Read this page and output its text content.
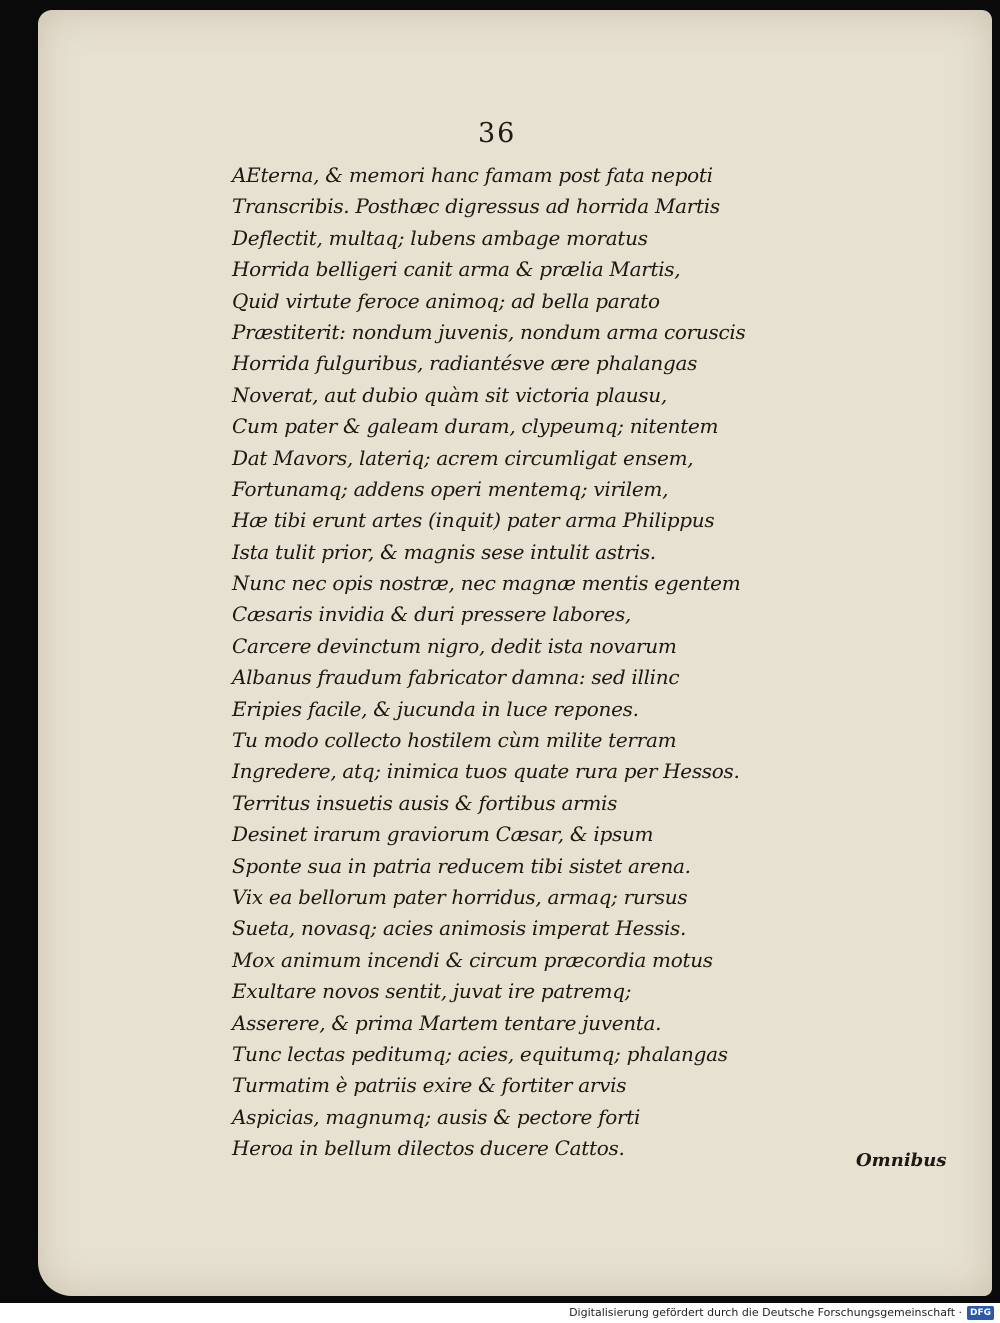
36
AEterna, & memori hanc famam post fata nepoti
Transcribis. Posthæc digressus ad horrida Martis
Deflectit, multaq; lubens ambage moratus
Horrida belligeri canit arma & prælia Martis,
Quid virtute feroce animoq; ad bella parato
Præstiterit: nondum juvenis, nondum arma coruscis
Horrida fulguribus, radiantésve ære phalangas
Noverat, aut dubio quàm sit victoria plausu,
Cum pater & galeam duram, clypeumq; nitentem
Dat Mavors, lateriq; acrem circumligat ensem,
Fortunamq; addens operi mentemq; virilem,
Hæ tibi erunt artes (inquit) pater arma Philippus
Ista tulit prior, & magnis sese intulit astris.
Nunc nec opis nostræ, nec magnæ mentis egentem
Cæsaris invidia & duri pressere labores,
Carcere devinctum nigro, dedit ista novarum
Albanus fraudum fabricator damna: sed illinc
Eripies facile, & jucunda in luce repones.
Tu modo collecto hostilem cùm milite terram
Ingredere, atq; inimica tuos quate rura per Hessos.
Territus insuetis ausis & fortibus armis
Desinet irarum graviorum Cæsar, & ipsum
Sponte sua in patria reducem tibi sistet arena.
Vix ea bellorum pater horridus, armaq; rursus
Sueta, novasq; acies animosis imperat Hessis.
Mox animum incendi & circum præcordia motus
Exultare novos sentit, juvat ire patremq;
Asserere, & prima Martem tentare juventa.
Tunc lectas peditumq; acies, equitumq; phalangas
Turmatim è patriis exire & fortiter arvis
Aspicias, magnumq; ausis & pectore forti
Heroa in bellum dilectos ducere Cattos.
Omnibus
Digitalisierung gefördert durch die Deutsche Forschungsgemeinschaft · DFG
